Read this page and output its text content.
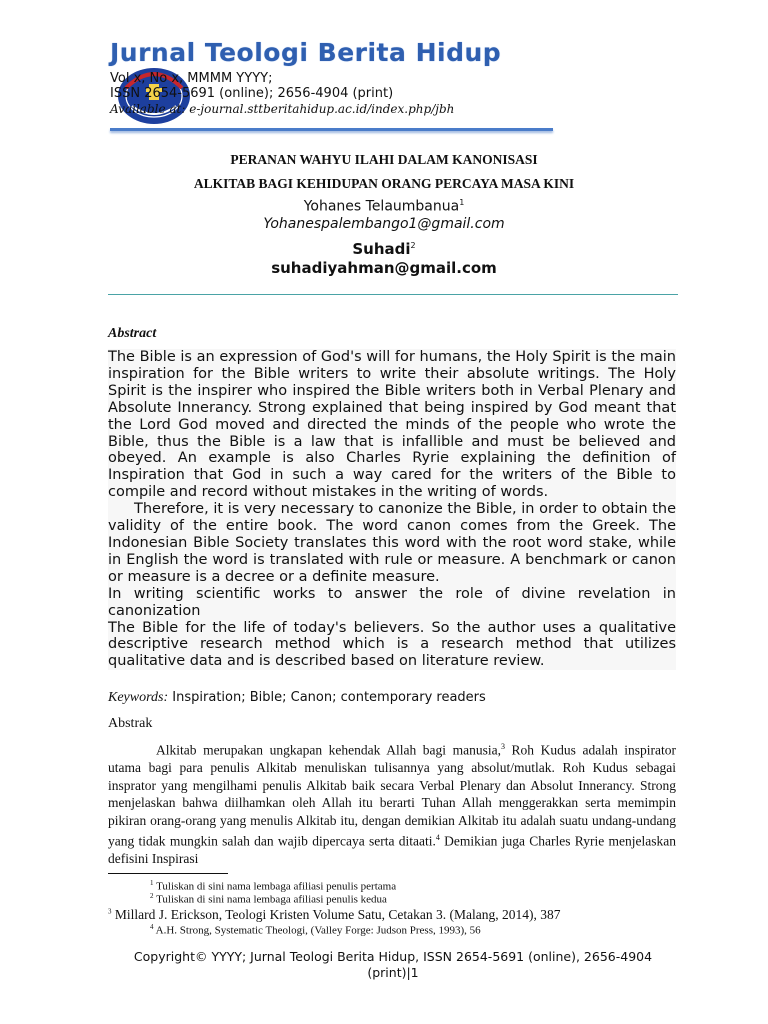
Jurnal Teologi Berita Hidup
Vol x, No x, MMMM YYYY;
ISSN 2654-5691 (online); 2656-4904 (print)
Available at: e-journal.sttberitahidup.ac.id/index.php/jbh
PERANAN WAHYU ILAHI DALAM KANONISASI
ALKITAB BAGI KEHIDUPAN ORANG PERCAYA MASA KINI
Yohanes Telaumbanua$^1$
Yohanespalembango1@gmail.com
Suhadi$^2$
suhadiyahman@gmail.com
Abstract

The Bible is an expression of God's will for humans, the Holy Spirit is the main inspiration for the Bible writers to write their absolute writings. The Holy Spirit is the inspirer who inspired the Bible writers both in Verbal Plenary and Absolute Innerancy. Strong explained that being inspired by God meant that the Lord God moved and directed the minds of the people who wrote the Bible, thus the Bible is a law that is infallible and must be believed and obeyed. An example is also Charles Ryrie explaining the definition of Inspiration that God in such a way cared for the writers of the Bible to compile and record without mistakes in the writing of words.

Therefore, it is very necessary to canonize the Bible, in order to obtain the validity of the entire book. The word canon comes from the Greek. The Indonesian Bible Society translates this word with the root word stake, while in English the word is translated with rule or measure. A benchmark or canon or measure is a decree or a definite measure.

In writing scientific works to answer the role of divine revelation in canonization

The Bible for the life of today's believers. So the author uses a qualitative descriptive research method which is a research method that utilizes qualitative data and is described based on literature review.

Keywords: Inspiration; Bible; Canon; contemporary readers
Abstrak

Alkitab merupakan ungkapan kehendak Allah bagi manusia,$^3$ Roh Kudus adalah inspirator utama bagi para penulis Alkitab menuliskan tulisannya yang absolut/mutlak. Roh Kudus sebagai insprator yang mengilhami penulis Alkitab baik secara Verbal Plenary dan Absolut Innerancy. Strong menjelaskan bahwa diilhamkan oleh Allah itu berarti Tuhan Allah menggerakkan serta memimpin pikiran orang-orang yang menulis Alkitab itu, dengan demikian Alkitab itu adalah suatu undang-undang yang tidak mungkin salah dan wajib dipercaya serta ditaati.$^4$ Demikian juga Charles Ryrie menjelaskan defisini Inspirasi

$^1$ Tuliskan di sini nama lembaga afiliasi penulis pertama
$^2$ Tuliskan di sini nama lembaga afiliasi penulis kedua
$^3$ Millard J. Erickson, Teologi Kristen Volume Satu, Cetakan 3. (Malang, 2014), 387
$^4$ A.H. Strong, Systematic Theologi, (Valley Forge: Judson Press, 1993), 56
Copyright© YYYY; Jurnal Teologi Berita Hidup, ISSN 2654-5691 (online), 2656-4904
(print)|1
